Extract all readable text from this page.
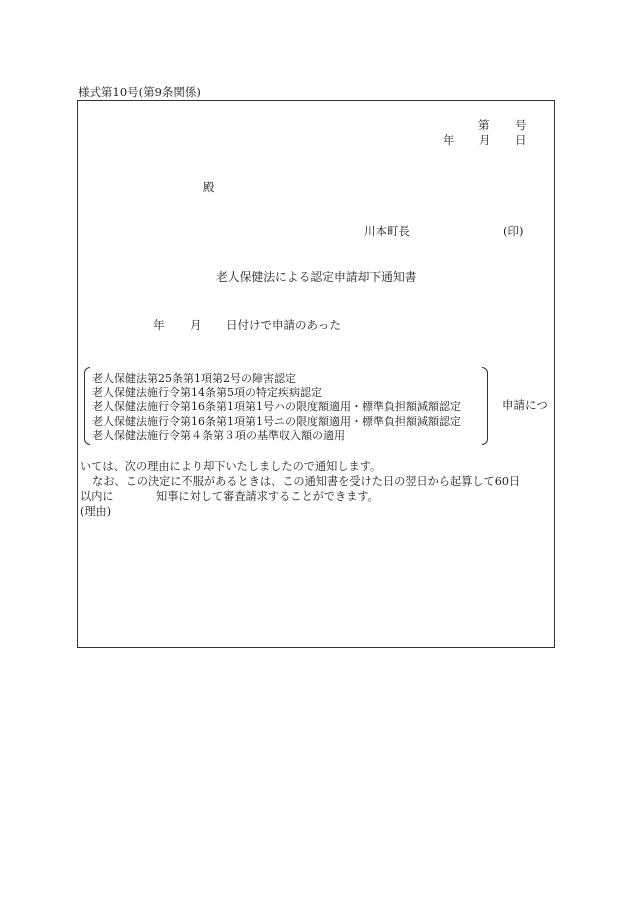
様式第10号(第9条関係)
第 号
年 月 日
殿
川本町長	(印)
老人保健法による認定申請却下通知書
年 月 日付けで申請のあった
老人保健法第25条第1項第2号の障害認定
老人保健法施行令第14条第5項の特定疾病認定
老人保健法施行令第16条第1項第1号ハの限度額適用・標準負担額減額認定
老人保健法施行令第16条第1項第1号ニの限度額適用・標準負担額減額認定
老人保健法施行令第４条第３項の基準収入額の適用
申請につ
いては、次の理由により却下いたしましたので通知します。
なお、この決定に不服があるときは、この通知書を受けた日の翌日から起算して60日
以内に	知事に対して審査請求することができます。
(理由)
